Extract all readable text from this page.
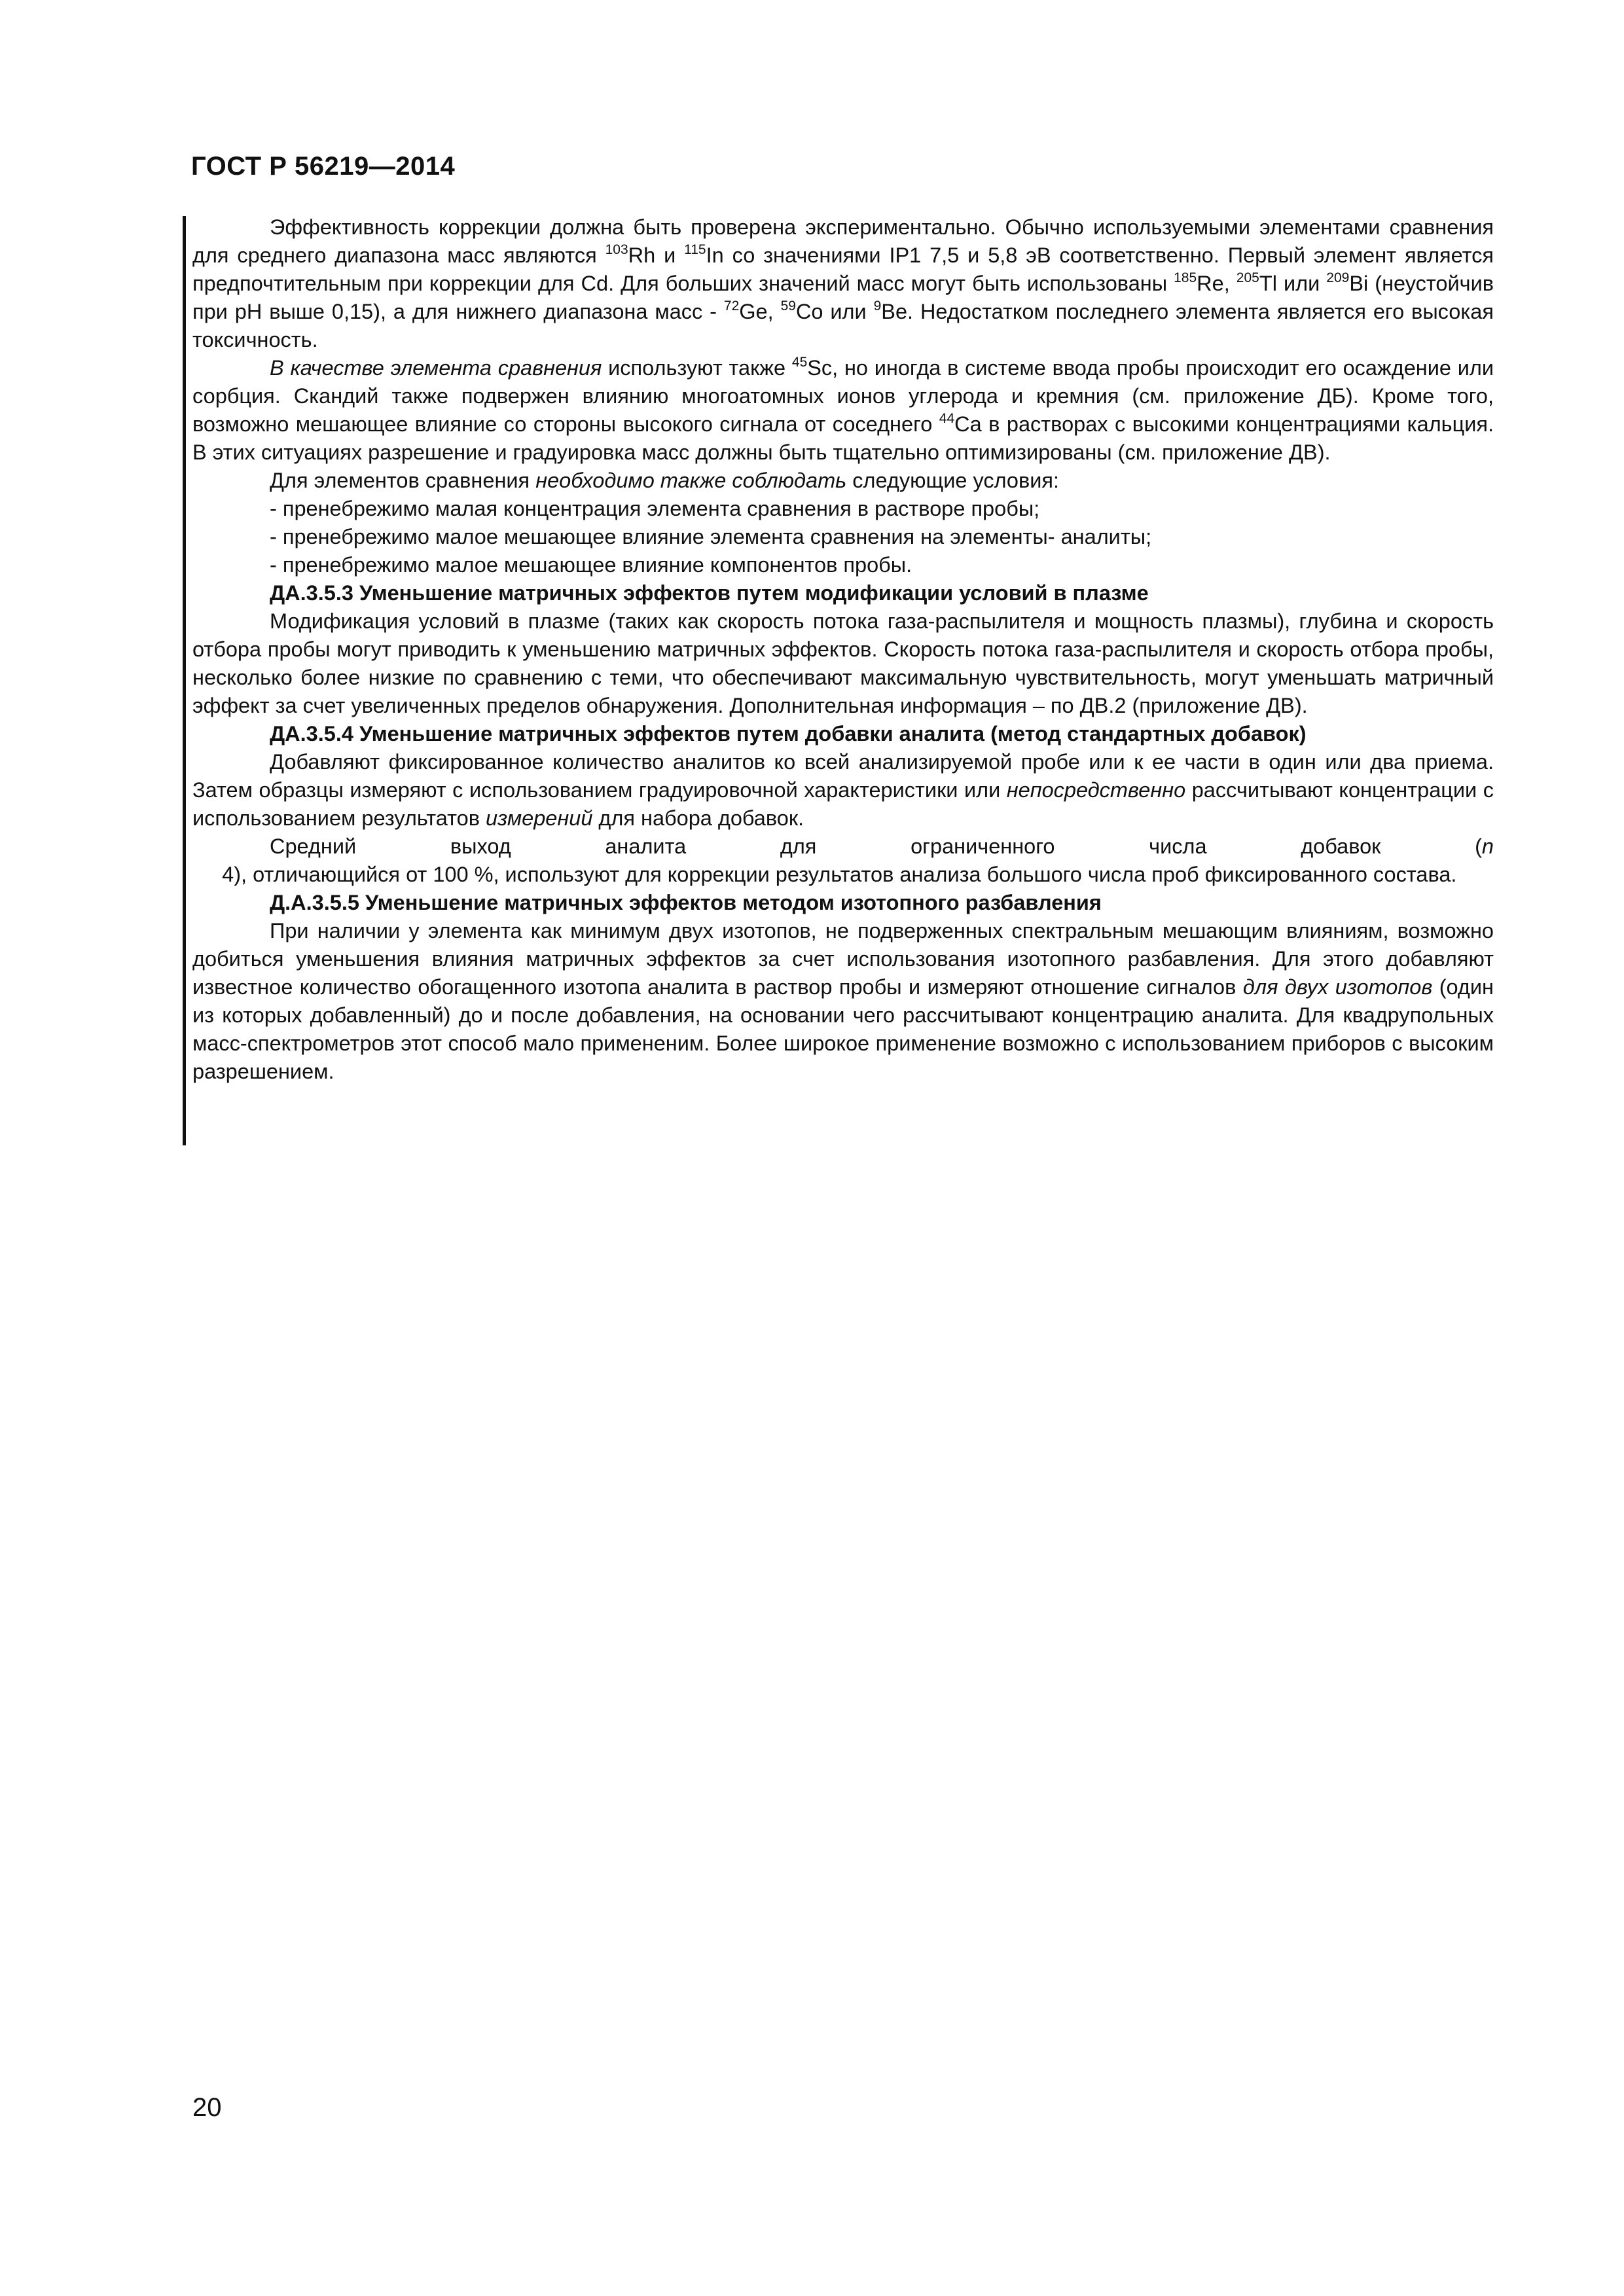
ГОСТ Р 56219—2014

Эффективность коррекции должна быть проверена экспериментально. Обычно используемыми элементами сравнения для среднего диапазона масс являются $^{103}$Rh и $^{115}$In со значениями IP1 7,5 и 5,8 эВ соответственно. Первый элемент является предпочтительным при коррекции для Cd. Для больших значений масс могут быть использованы $^{185}$Re, $^{205}$Tl или $^{209}$Bi (неустойчив при pH выше 0,15), а для нижнего диапазона масс - $^{72}$Ge, $^{59}$Co или $^9$Be. Недостатком последнего элемента является его высокая токсичность.

В качестве элемента сравнения используют также $^{45}$Sc, но иногда в системе ввода пробы происходит его осаждение или сорбция. Скандий также подвержен влиянию многоатомных ионов углерода и кремния (см. приложение ДБ). Кроме того, возможно мешающее влияние со стороны высокого сигнала от соседнего $^{44}$Ca в растворах с высокими концентрациями кальция. В этих ситуациях разрешение и градуировка масс должны быть тщательно оптимизированы (см. приложение ДВ).

Для элементов сравнения необходимо также соблюдать следующие условия:

- пренебрежимо малая концентрация элемента сравнения в растворе пробы;

- пренебрежимо малое мешающее влияние элемента сравнения на элементы- аналиты;

- пренебрежимо малое мешающее влияние компонентов пробы.

ДА.3.5.3 Уменьшение матричных эффектов путем модификации условий в плазме

Модификация условий в плазме (таких как скорость потока газа-распылителя и мощность плазмы), глубина и скорость отбора пробы могут приводить к уменьшению матричных эффектов. Скорость потока газа-распылителя и скорость отбора пробы, несколько более низкие по сравнению с теми, что обеспечивают максимальную чувствительность, могут уменьшать матричный эффект за счет увеличенных пределов обнаружения. Дополнительная информация – по ДВ.2 (приложение ДВ).

ДА.3.5.4 Уменьшение матричных эффектов путем добавки аналита (метод стандартных добавок)

Добавляют фиксированное количество аналитов ко всей анализируемой пробе или к ее части в один или два приема. Затем образцы измеряют с использованием градуировочной характеристики или непосредственно рассчитывают концентрации с использованием результатов измерений для набора добавок.

Средний выход аналита для ограниченного числа добавок (n     4), отличающийся от 100 %, используют для коррекции результатов анализа большого числа проб фиксированного состава.

Д.А.3.5.5 Уменьшение матричных эффектов методом изотопного разбавления

При наличии у элемента как минимум двух изотопов, не подверженных спектральным мешающим влияниям, возможно добиться уменьшения влияния матричных эффектов за счет использования изотопного разбавления. Для этого добавляют известное количество обогащенного изотопа аналита в раствор пробы и измеряют отношение сигналов для двух изотопов (один из которых добавленный) до и после добавления, на основании чего рассчитывают концентрацию аналита. Для квадрупольных масс-спектрометров этот способ мало примененим. Более широкое применение возможно с использованием приборов с высоким разрешением.

20
